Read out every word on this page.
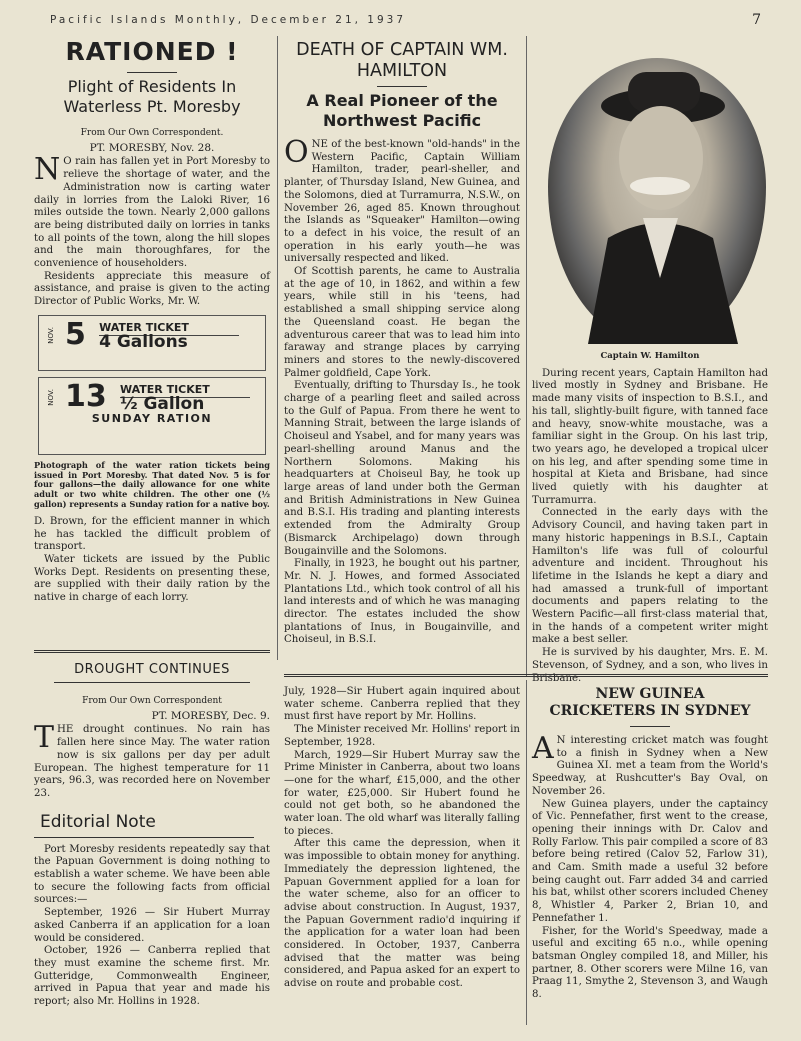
Pacific Islands Monthly, December 21, 1937	7
RATIONED !
Plight of Residents In Waterless Pt. Moresby
From Our Own Correspondent.
PT. MORESBY, Nov. 28.

N O rain has fallen yet in Port Moresby to relieve the shortage of water, and the Administration now is carting water daily in lorries from the Laloki River, 16 miles outside the town. Nearly 2,000 gallons are being distributed daily on lorries in tanks to all points of the town, along the hill slopes and the main thoroughfares, for the convenience of householders.

Residents appreciate this measure of assistance, and praise is given to the acting Director of Public Works, Mr. W.

NOV. 5 WATER TICKET
4 Gallons
NOV. 13 WATER TICKET
½ Gallon
SUNDAY RATION
Photograph of the water ration tickets being issued in Port Moresby. That dated Nov. 5 is for four gallons—the daily allowance for one white adult or two white children. The other one (½ gallon) represents a Sunday ration for a native boy.

D. Brown, for the efficient manner in which he has tackled the difficult problem of transport.

Water tickets are issued by the Public Works Dept. Residents on presenting these, are supplied with their daily ration by the native in charge of each lorry.

DEATH OF CAPTAIN WM. HAMILTON
A Real Pioneer of the Northwest Pacific

ONE of the best-known "old-hands" in the Western Pacific, Captain William Hamilton, trader, pearl-sheller, and planter, of Thursday Island, New Guinea, and the Solomons, died at Turramurra, N.S.W., on November 26, aged 85. Known throughout the Islands as "Squeaker" Hamilton—owing to a defect in his voice, the result of an operation in his early youth—he was universally respected and liked.

Of Scottish parents, he came to Australia at the age of 10, in 1862, and within a few years, while still in his 'teens, had established a small shipping service along the Queensland coast. He began the adventurous career that was to lead him into faraway and strange places by carrying miners and stores to the newly-discovered Palmer goldfield, Cape York.

Eventually, drifting to Thursday Is., he took charge of a pearling fleet and sailed across to the Gulf of Papua. From there he went to Manning Strait, between the large islands of Choiseul and Ysabel, and for many years was pearl-shelling around Manus and the Northern Solomons. Making his headquarters at Choiseul Bay, he took up large areas of land under both the German and British Administrations in New Guinea and B.S.I. His trading and planting interests extended from the Admiralty Group (Bismarck Archipelago) down through Bougainville and the Solomons.

Finally, in 1923, he bought out his partner, Mr. N. J. Howes, and formed Associated Plantations Ltd., which took control of all his land interests and of which he was managing director. The estates included the show plantations of Inus, in Bougainville, and Choiseul, in B.S.I.

Captain W. Hamilton

During recent years, Captain Hamilton had lived mostly in Sydney and Brisbane. He made many visits of inspection to B.S.I., and his tall, slightly-built figure, with tanned face and heavy, snow-white moustache, was a familiar sight in the Group. On his last trip, two years ago, he developed a tropical ulcer on his leg, and after spending some time in hospital at Kieta and Brisbane, had since lived quietly with his daughter at Turramurra.

Connected in the early days with the Advisory Council, and having taken part in many historic happenings in B.S.I., Captain Hamilton's life was full of colourful adventure and incident. Throughout his lifetime in the Islands he kept a diary and had amassed a trunk-full of important documents and papers relating to the Western Pacific—all first-class material that, in the hands of a competent writer might make a best seller.

He is survived by his daughter, Mrs. E. M. Stevenson, of Sydney, and a son, who lives in Brisbane.

DROUGHT CONTINUES
From Our Own Correspondent
PT. MORESBY, Dec. 9.

THE drought continues. No rain has fallen here since May. The water ration now is six gallons per day per adult European. The highest temperature for 11 years, 96.3, was recorded here on November 23.

Editorial Note

Port Moresby residents repeatedly say that the Papuan Government is doing nothing to establish a water scheme. We have been able to secure the following facts from official sources:—

September, 1926 — Sir Hubert Murray asked Canberra if an application for a loan would be considered.

October, 1926 — Canberra replied that they must examine the scheme first. Mr. Gutteridge, Commonwealth Engineer, arrived in Papua that year and made his report; also Mr. Hollins in 1928.

July, 1928—Sir Hubert again inquired about water scheme. Canberra replied that they must first have report by Mr. Hollins.

The Minister received Mr. Hollins' report in September, 1928.

March, 1929—Sir Hubert Murray saw the Prime Minister in Canberra, about two loans—one for the wharf, £15,000, and the other for water, £25,000. Sir Hubert found he could not get both, so he abandoned the water loan. The old wharf was literally falling to pieces.

After this came the depression, when it was impossible to obtain money for anything. Immediately the depression lightened, the Papuan Government applied for a loan for the water scheme, also for an officer to advise about construction. In August, 1937, the Papuan Government radio'd inquiring if the application for a water loan had been considered. In October, 1937, Canberra advised that the matter was being considered, and Papua asked for an expert to advise on route and probable cost.

NEW GUINEA CRICKETERS IN SYDNEY

A N interesting cricket match was fought to a finish in Sydney when a New Guinea XI. met a team from the World's Speedway, at Rushcutter's Bay Oval, on November 26.

New Guinea players, under the captaincy of Vic. Pennefather, first went to the crease, opening their innings with Dr. Calov and Rolly Farlow. This pair compiled a score of 83 before being retired (Calov 52, Farlow 31), and Cam. Smith made a useful 32 before being caught out. Farr added 34 and carried his bat, whilst other scorers included Cheney 8, Whistler 4, Parker 2, Brian 10, and Pennefather 1.

Fisher, for the World's Speedway, made a useful and exciting 65 n.o., while opening batsman Ongley compiled 18, and Miller, his partner, 8. Other scorers were Milne 16, van Praag 11, Smythe 2, Stevenson 3, and Waugh 8.
